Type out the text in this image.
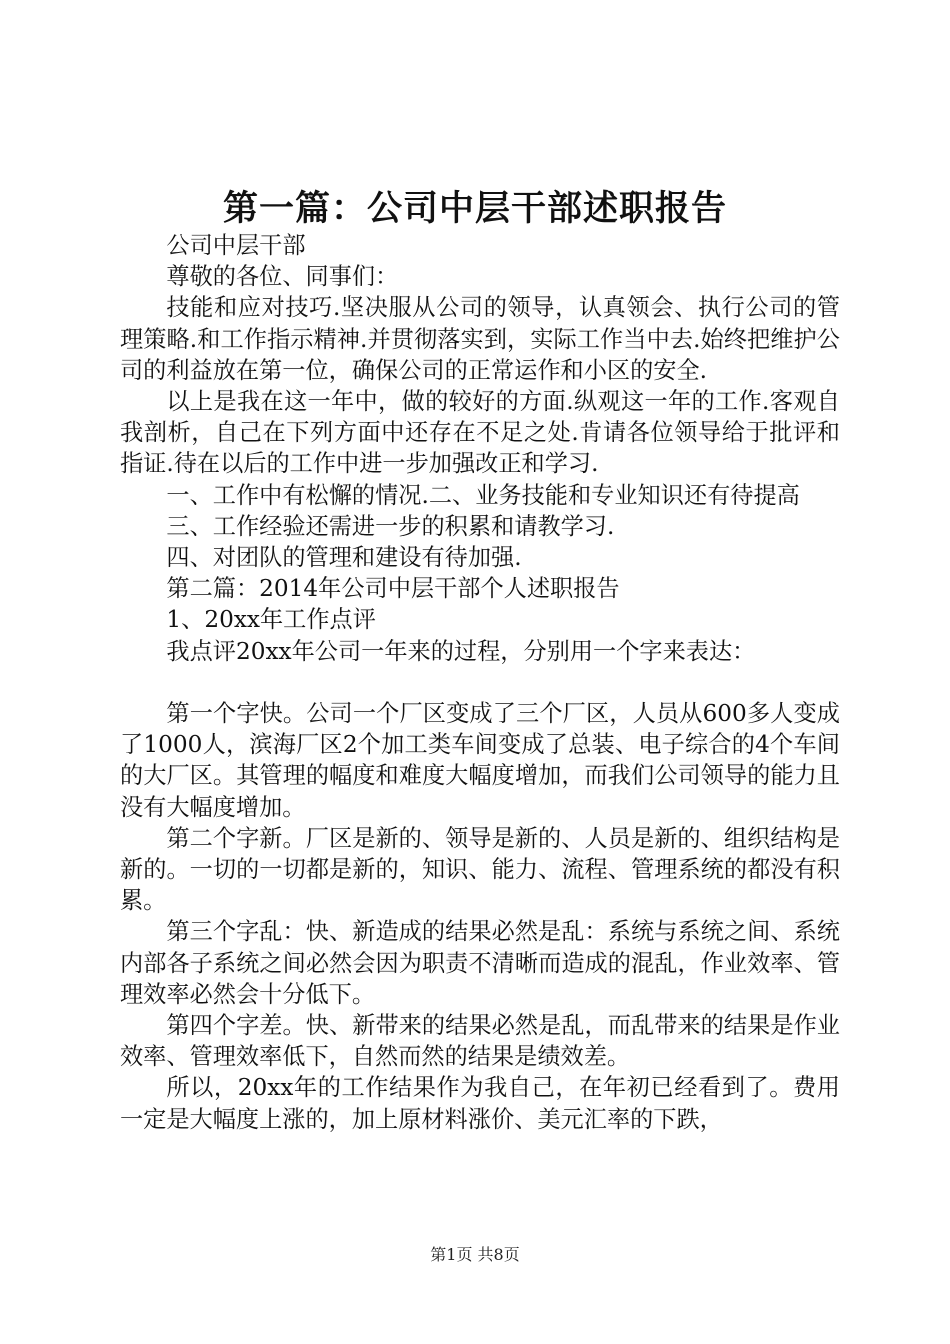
第一篇：公司中层干部述职报告

公司中层干部

尊敬的各位、同事们：

技能和应对技巧.坚决服从公司的领导，认真领会、执行公司的管理策略.和工作指示精神.并贯彻落实到，实际工作当中去.始终把维护公司的利益放在第一位，确保公司的正常运作和小区的安全.

以上是我在这一年中，做的较好的方面.纵观这一年的工作.客观自我剖析，自己在下列方面中还存在不足之处.肯请各位领导给于批评和指证.待在以后的工作中进一步加强改正和学习.

一、工作中有松懈的情况.二、业务技能和专业知识还有待提高

三、工作经验还需进一步的积累和请教学习.

四、对团队的管理和建设有待加强.

第二篇：2014年公司中层干部个人述职报告

1、20xx年工作点评

我点评20xx年公司一年来的过程，分别用一个字来表达：

第一个字快。公司一个厂区变成了三个厂区，人员从600多人变成了1000人，滨海厂区2个加工类车间变成了总装、电子综合的4个车间的大厂区。其管理的幅度和难度大幅度增加，而我们公司领导的能力且没有大幅度增加。

第二个字新。厂区是新的、领导是新的、人员是新的、组织结构是新的。一切的一切都是新的，知识、能力、流程、管理系统的都没有积累。

第三个字乱：快、新造成的结果必然是乱：系统与系统之间、系统内部各子系统之间必然会因为职责不清晰而造成的混乱，作业效率、管理效率必然会十分低下。

第四个字差。快、新带来的结果必然是乱，而乱带来的结果是作业效率、管理效率低下，自然而然的结果是绩效差。

所以，20xx年的工作结果作为我自己，在年初已经看到了。费用一定是大幅度上涨的，加上原材料涨价、美元汇率的下跌，

第1页 共8页
